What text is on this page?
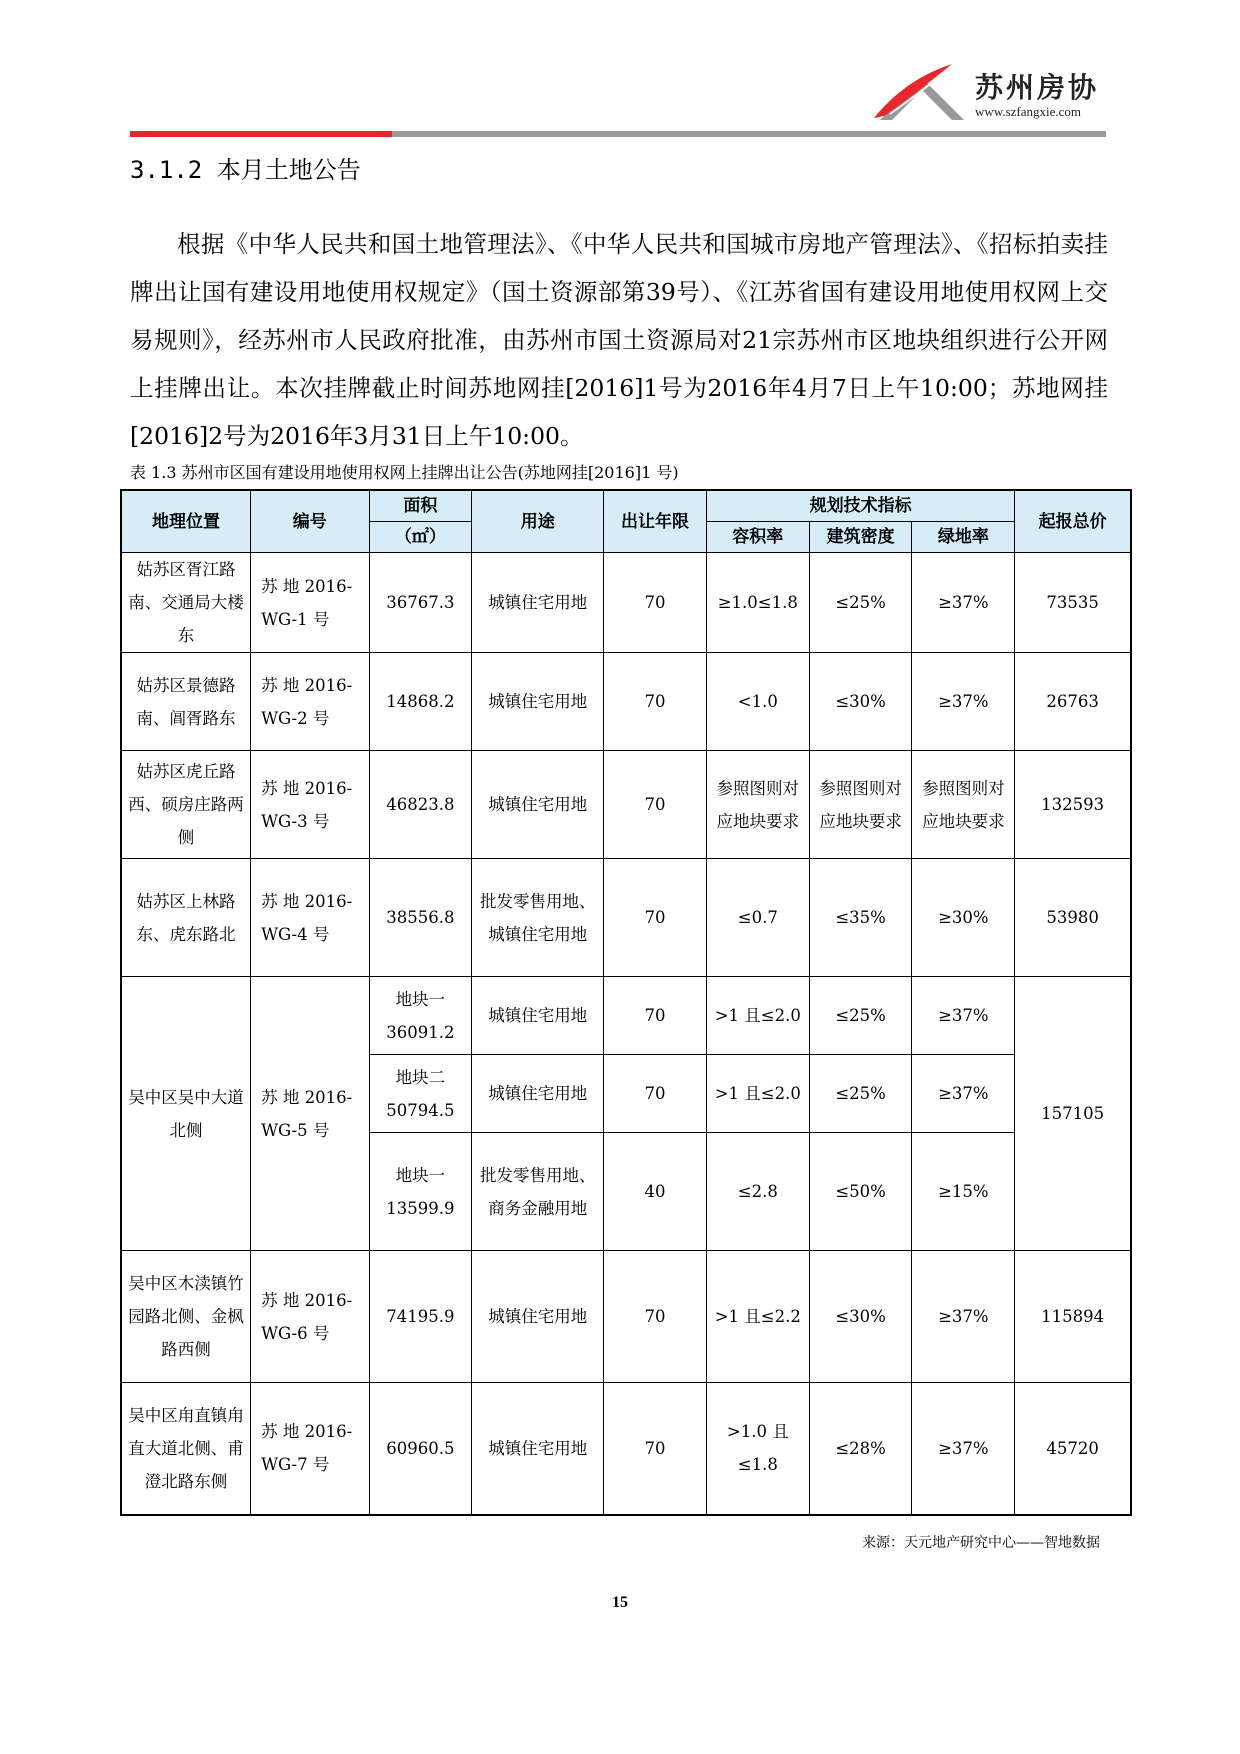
苏州房协
www.szfangxie.com
3.1.2 本月土地公告

根据《中华人民共和国土地管理法》、《中华人民共和国城市房地产管理法》、《招标拍卖挂牌出让国有建设用地使用权规定》（国土资源部第39号）、《江苏省国有建设用地使用权网上交易规则》，经苏州市人民政府批准，由苏州市国土资源局对21宗苏州市区地块组织进行公开网上挂牌出让。本次挂牌截止时间苏地网挂[2016]1号为2016年4月7日上午10:00；苏地网挂[2016]2号为2016年3月31日上午10:00。

表 1.3 苏州市区国有建设用地使用权网上挂牌出让公告(苏地网挂[2016]1 号)
地理位置	编号	面积	用途	出让年限	规划技术指标			起报总价
		（㎡）			容积率	建筑密度	绿地率	
姑苏区胥江路南、交通局大楼东	苏 地 2016-WG-1 号	36767.3	城镇住宅用地	70	≥1.0≤1.8	≤25%	≥37%	73535
姑苏区景德路南、阊胥路东	苏 地 2016-WG-2 号	14868.2	城镇住宅用地	70	<1.0	≤30%	≥37%	26763
姑苏区虎丘路西、硕房庄路两侧	苏 地 2016-WG-3 号	46823.8	城镇住宅用地	70	参照图则对应地块要求	参照图则对应地块要求	参照图则对应地块要求	132593
姑苏区上林路东、虎东路北	苏 地 2016-WG-4 号	38556.8	批发零售用地、城镇住宅用地	70	≤0.7	≤35%	≥30%	53980
吴中区吴中大道北侧	苏 地 2016-WG-5 号	地块一 36091.2	城镇住宅用地	70	>1 且≤2.0	≤25%	≥37%	157105
		地块二 50794.5	城镇住宅用地	70	>1 且≤2.0	≤25%	≥37%	
		地块一 13599.9	批发零售用地、商务金融用地	40	≤2.8	≤50%	≥15%	
吴中区木渎镇竹园路北侧、金枫路西侧	苏 地 2016-WG-6 号	74195.9	城镇住宅用地	70	>1 且≤2.2	≤30%	≥37%	115894
吴中区甪直镇甪直大道北侧、甫澄北路东侧	苏 地 2016-WG-7 号	60960.5	城镇住宅用地	70	>1.0 且≤1.8	≤28%	≥37%	45720
来源：天元地产研究中心——智地数据
15
